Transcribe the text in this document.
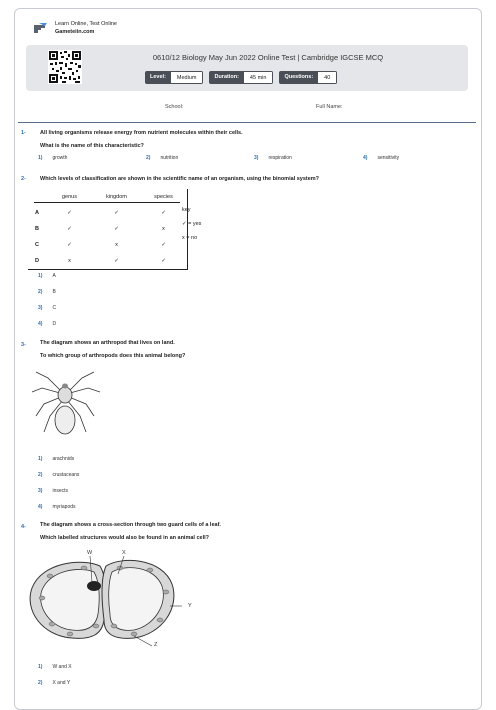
Learn Online, Test Online
Gameteiin.com
0610/12 Biology May Jun 2022 Online Test | Cambridge IGCSE MCQ
Level:	Medium	Duration:	45 min	Questions:	40
School:	Full Name:
1-	All living organisms release energy from nutrient molecules within their cells.
What is the name of this characteristic?
1) growth	2) nutrition	3) respiration	4) sensitivity
2-	Which levels of classification are shown in the scientific name of an organism, using the binomial system?
	genus	kingdom	species
A	✓	✓	✓
B	✓	✓	x
C	✓	x	✓
D	x	✓	✓
key
✓ = yes
x = no
1) A
2) B
3) C
4) D
3-	The diagram shows an arthropod that lives on land.
To which group of arthropods does this animal belong?
1) arachnids
2) crustaceans
3) insects
4) myriapods
4-	The diagram shows a cross-section through two guard cells of a leaf.
Which labelled structures would also be found in an animal cell?
W	X
Y
Z
1) W and X
2) X and Y
